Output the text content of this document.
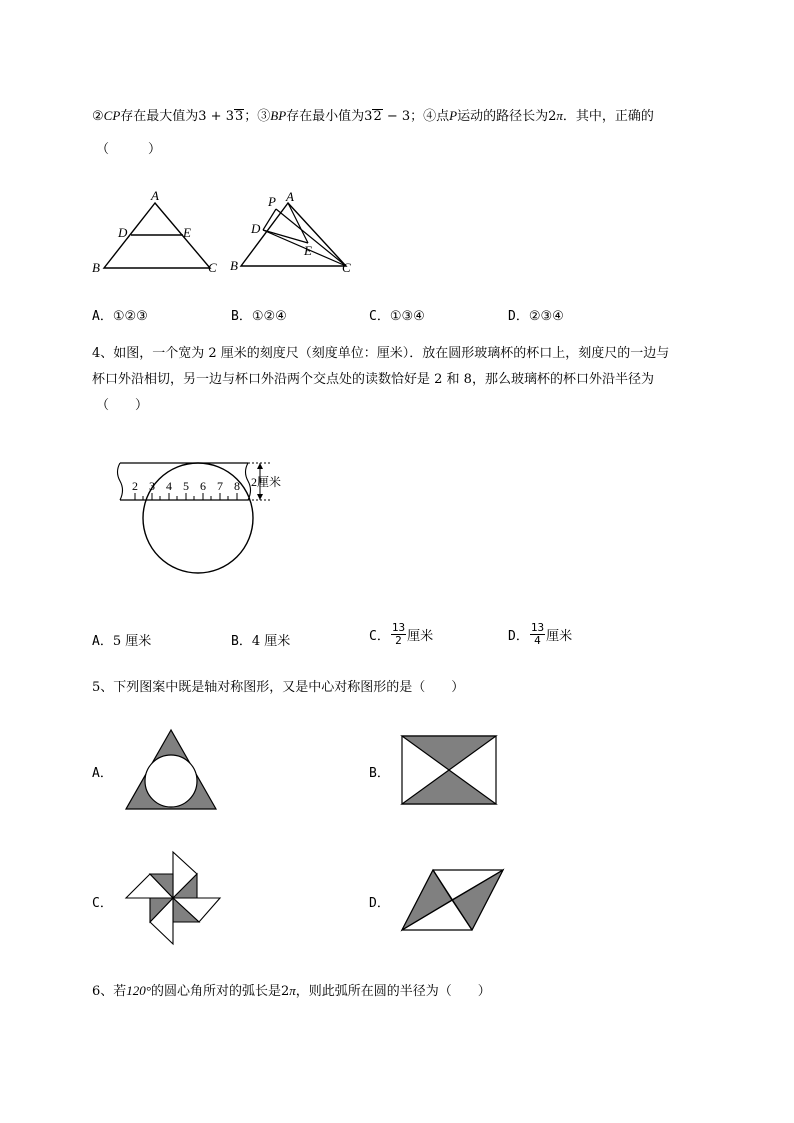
②CP存在最大值为3 + 33；③BP存在最小值为32 − 3；④点P运动的路径长为2π．其中，正确的
（　　　）
A
B	C
D	E
P A
B	C
D
E
A．①②③	B．①②④	C．①③④	D．②③④
4、如图，一个宽为 2 厘米的刻度尺（刻度单位：厘米）．放在圆形玻璃杯的杯口上，刻度尺的一边与
杯口外沿相切，另一边与杯口外沿两个交点处的读数恰好是 2 和 8，那么玻璃杯的杯口外沿半径为
（　　）
2 3 4 5 6 7 8 2厘米
A．5 厘米	B．4 厘米	C． $\frac{13}{2}$ 厘米	D． $\frac{13}{4}$ 厘米
5、下列图案中既是轴对称图形，又是中心对称图形的是（　　）
A．	B．
C．	D．
6、若120°的圆心角所对的弧长是2π，则此弧所在圆的半径为（　　）
